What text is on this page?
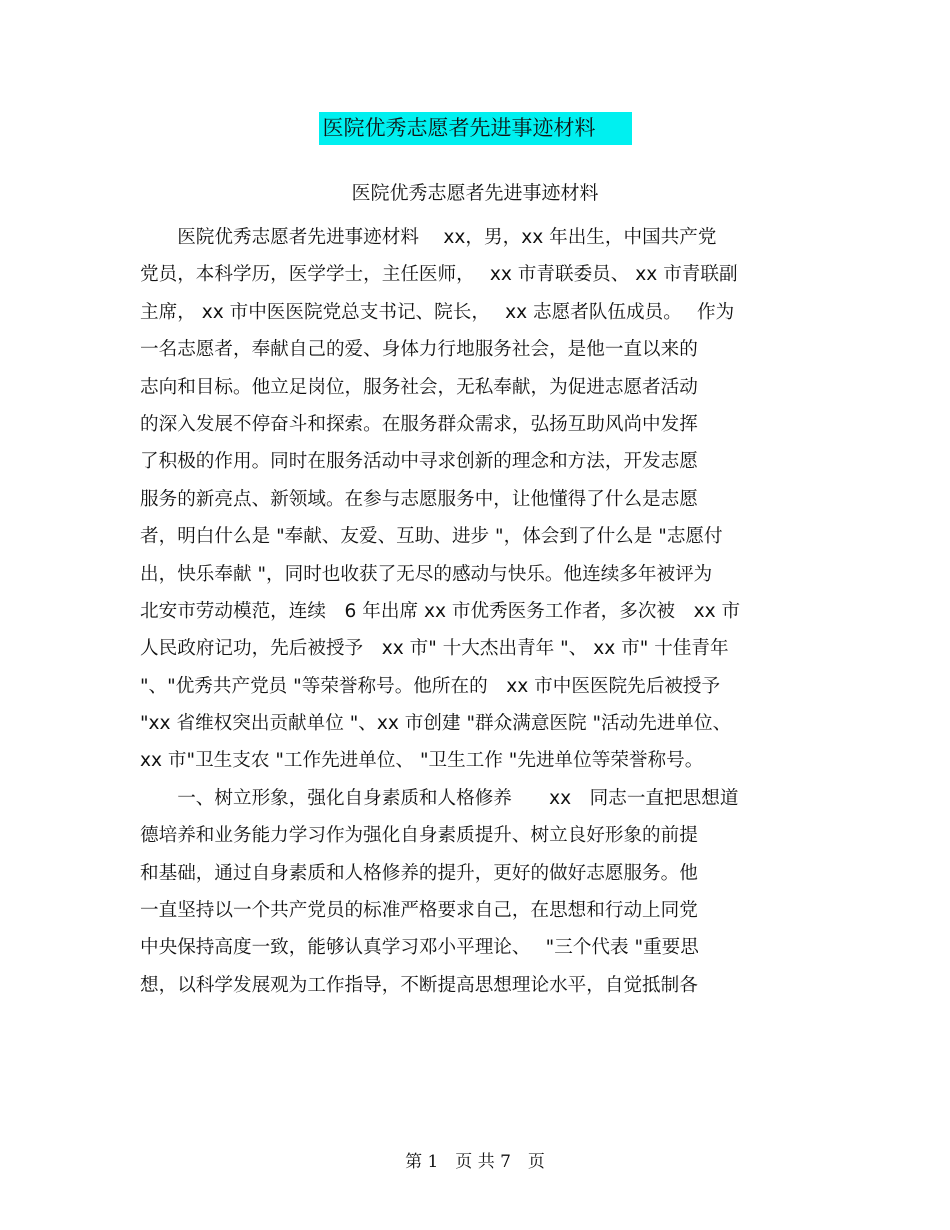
医院优秀志愿者先进事迹材料
医院优秀志愿者先进事迹材料
　　医院优秀志愿者先进事迹材料　 xx，男，xx 年出生，中国共产党
党员，本科学历，医学学士，主任医师，　 xx 市青联委员、 xx 市青联副
主席， xx 市中医医院党总支书记、院长，　 xx 志愿者队伍成员。　 作为
一名志愿者，奉献自己的爱、身体力行地服务社会，是他一直以来的
志向和目标。他立足岗位，服务社会，无私奉献，为促进志愿者活动
的深入发展不停奋斗和探索。在服务群众需求，弘扬互助风尚中发挥
了积极的作用。同时在服务活动中寻求创新的理念和方法，开发志愿
服务的新亮点、新领域。在参与志愿服务中，让他懂得了什么是志愿
者，明白什么是 "奉献、友爱、互助、进步 "，体会到了什么是 "志愿付
出，快乐奉献 "，同时也收获了无尽的感动与快乐。他连续多年被评为
北安市劳动模范，连续　6 年出席 xx 市优秀医务工作者，多次被　xx 市
人民政府记功，先后被授予　xx 市" 十大杰出青年 "、 xx 市" 十佳青年
"、"优秀共产党员 "等荣誉称号。他所在的　xx 市中医医院先后被授予
"xx 省维权突出贡献单位 "、xx 市创建 "群众满意医院 "活动先进单位、
xx 市"卫生支农 "工作先进单位、 "卫生工作 "先进单位等荣誉称号。
　　一、树立形象，强化自身素质和人格修养　　xx　同志一直把思想道
德培养和业务能力学习作为强化自身素质提升、树立良好形象的前提
和基础，通过自身素质和人格修养的提升，更好的做好志愿服务。他
一直坚持以一个共产党员的标准严格要求自己，在思想和行动上同党
中央保持高度一致，能够认真学习邓小平理论、　 "三个代表 "重要思
想，以科学发展观为工作指导，不断提高思想理论水平，自觉抵制各
第 1　页 共 7　页
